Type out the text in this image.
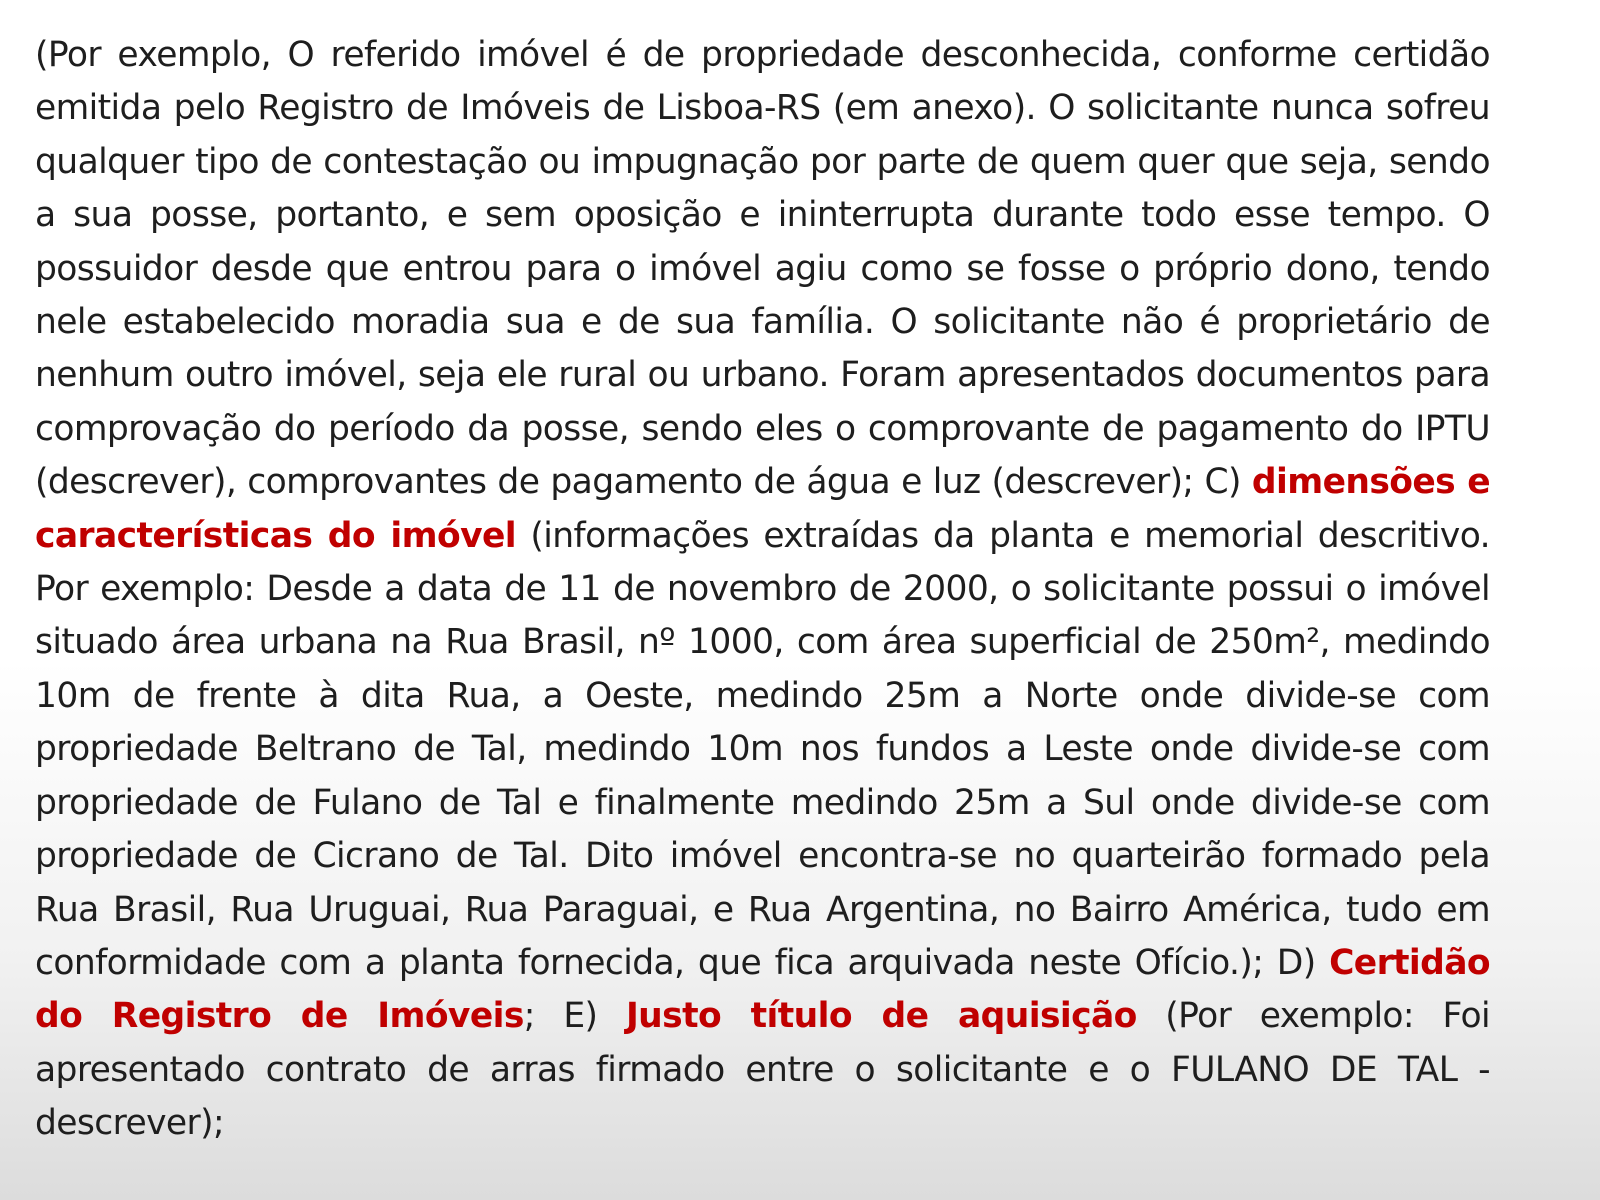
(Por exemplo, O referido imóvel é de propriedade desconhecida, conforme certidão emitida pelo Registro de Imóveis de Lisboa-RS (em anexo). O solicitante nunca sofreu qualquer tipo de contestação ou impugnação por parte de quem quer que seja, sendo a sua posse, portanto, e sem oposição e ininterrupta durante todo esse tempo. O possuidor desde que entrou para o imóvel agiu como se fosse o próprio dono, tendo nele estabelecido moradia sua e de sua família. O solicitante não é proprietário de nenhum outro imóvel, seja ele rural ou urbano. Foram apresentados documentos para comprovação do período da posse, sendo eles o comprovante de pagamento do IPTU (descrever), comprovantes de pagamento de água e luz (descrever); C) dimensões e características do imóvel (informações extraídas da planta e memorial descritivo. Por exemplo: Desde a data de 11 de novembro de 2000, o solicitante possui o imóvel situado área urbana na Rua Brasil, nº 1000, com área superficial de 250m², medindo 10m de frente à dita Rua, a Oeste, medindo 25m a Norte onde divide-se com propriedade Beltrano de Tal, medindo 10m nos fundos a Leste onde divide-se com propriedade de Fulano de Tal e finalmente medindo 25m a Sul onde divide-se com propriedade de Cicrano de Tal. Dito imóvel encontra-se no quarteirão formado pela Rua Brasil, Rua Uruguai, Rua Paraguai, e Rua Argentina, no Bairro América, tudo em conformidade com a planta fornecida, que fica arquivada neste Ofício.); D) Certidão do Registro de Imóveis; E) Justo título de aquisição (Por exemplo: Foi apresentado contrato de arras firmado entre o solicitante e o FULANO DE TAL - descrever);
